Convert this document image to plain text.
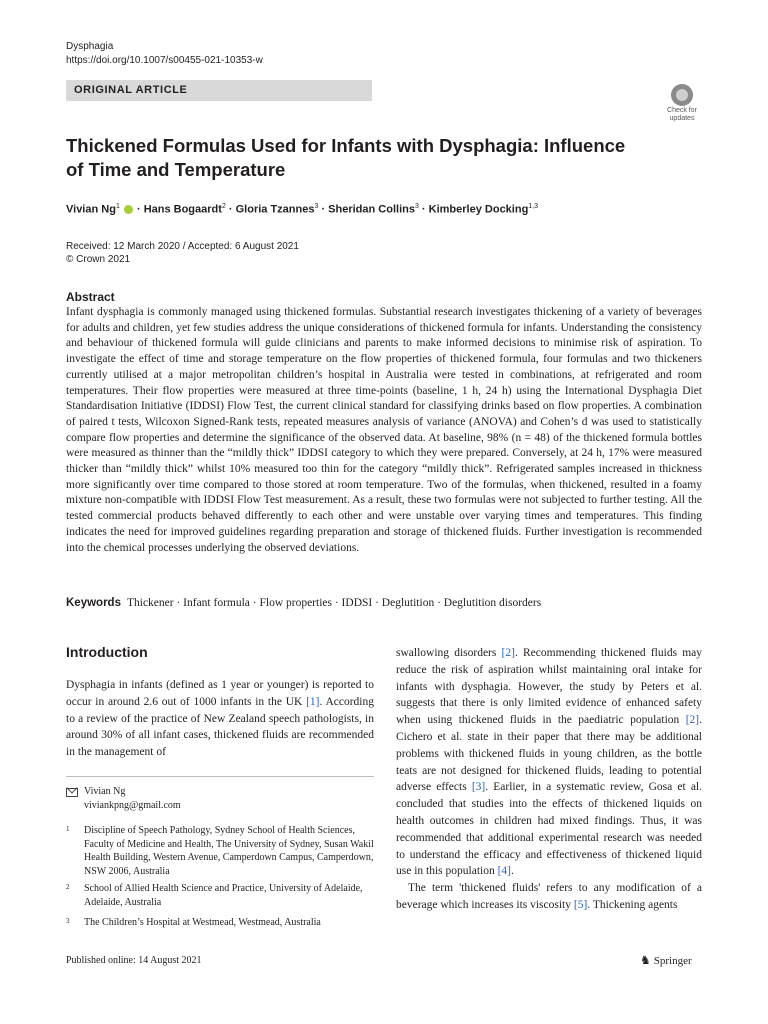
Dysphagia
https://doi.org/10.1007/s00455-021-10353-w
ORIGINAL ARTICLE
Check for updates
Thickened Formulas Used for Infants with Dysphagia: Influence
of Time and Temperature
Vivian Ng$^1$  · Hans Bogaardt$^2$ · Gloria Tzannes$^3$ · Sheridan Collins$^3$ · Kimberley Docking$^{1,3}$
Received: 12 March 2020 / Accepted: 6 August 2021
© Crown 2021
Abstract
Infant dysphagia is commonly managed using thickened formulas. Substantial research investigates thickening of a variety of beverages for adults and children, yet few studies address the unique considerations of thickened formula for infants. Understanding the consistency and behaviour of thickened formula will guide clinicians and parents to make informed decisions to minimise risk of aspiration. To investigate the effect of time and storage temperature on the flow properties of thickened formula, four formulas and two thickeners currently utilised at a major metropolitan children’s hospital in Australia were tested in combinations, at refrigerated and room temperatures. Their flow properties were measured at three time-points (baseline, 1 h, 24 h) using the International Dysphagia Diet Standardisation Initiative (IDDSI) Flow Test, the current clinical standard for classifying drinks based on flow properties. A combination of paired t tests, Wilcoxon Signed-Rank tests, repeated measures analysis of variance (ANOVA) and Cohen’s d was used to statistically compare flow properties and determine the significance of the observed data. At baseline, 98% (n = 48) of the thickened formula bottles were measured as thinner than the “mildly thick” IDDSI category to which they were prepared. Conversely, at 24 h, 17% were measured thicker than “mildly thick” whilst 10% measured too thin for the category “mildly thick”. Refrigerated samples increased in thickness more significantly over time compared to those stored at room temperature. Two of the formulas, when thickened, resulted in a foamy mixture non-compatible with IDDSI Flow Test measurement. As a result, these two formulas were not subjected to further testing. All the tested commercial products behaved differently to each other and were unstable over varying times and temperatures. This finding indicates the need for improved guidelines regarding preparation and storage of thickened fluids. Further investigation is recommended into the chemical processes underlying the observed deviations.
Keywords Thickener · Infant formula · Flow properties · IDDSI · Deglutition · Deglutition disorders
Introduction
Dysphagia in infants (defined as 1 year or younger) is reported to occur in around 2.6 out of 1000 infants in the UK [1]. According to a review of the practice of New Zealand speech pathologists, in around 30% of all infant cases, thickened fluids are recommended in the management of

swallowing disorders [2]. Recommending thickened fluids may reduce the risk of aspiration whilst maintaining oral intake for infants with dysphagia. However, the study by Peters et al. suggests that there is only limited evidence of enhanced safety when using thickened fluids in the paediatric population [2]. Cichero et al. state in their paper that there may be additional problems with thickened fluids in young children, as the bottle teats are not designed for thickened fluids, leading to potential adverse effects [3]. Earlier, in a systematic review, Gosa et al. concluded that studies into the effects of thickened liquids on health outcomes in children had mixed findings. Thus, it was recommended that additional experimental research was needed to understand the efficacy and effectiveness of thickened liquid use in this population [4].

The term 'thickened fluids' refers to any modification of a beverage which increases its viscosity [5]. Thickening agents

Vivian Ng
viviankpng@gmail.com
1 Discipline of Speech Pathology, Sydney School of Health Sciences, Faculty of Medicine and Health, The University of Sydney, Susan Wakil Health Building, Western Avenue, Camperdown Campus, Camperdown, NSW 2006, Australia
2 School of Allied Health Science and Practice, University of Adelaide, Adelaide, Australia
3 The Children’s Hospital at Westmead, Westmead, Australia
Published online: 14 August 2021	♞ Springer
